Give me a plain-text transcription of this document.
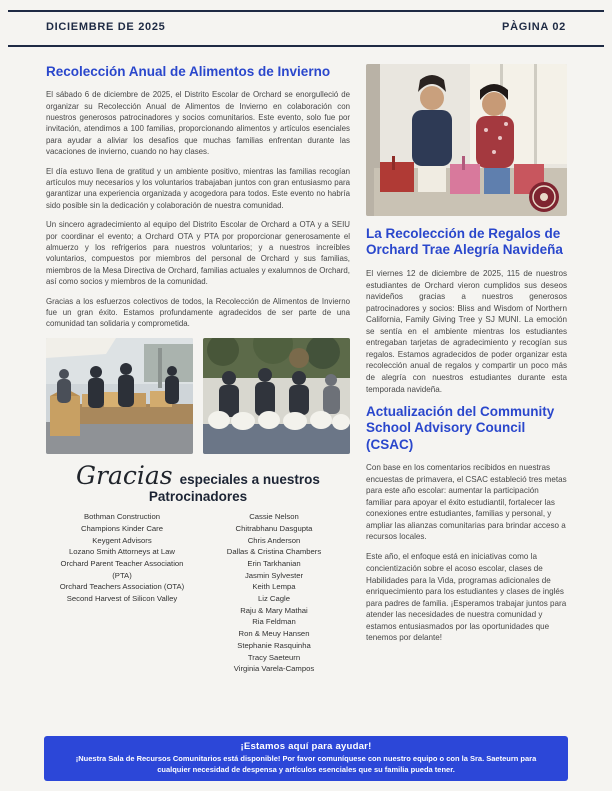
DICIEMBRE DE 2025	PÀGINA 02
Recolección Anual de Alimentos de Invierno
El sábado 6 de diciembre de 2025, el Distrito Escolar de Orchard se enorgulleció de organizar su Recolección Anual de Alimentos de Invierno en colaboración con nuestros generosos patrocinadores y socios comunitarios. Este evento, solo fue por invitación, atendimos a 100 familias, proporcionando alimentos y artículos esenciales para ayudar a aliviar los desafíos que muchas familias enfrentan durante las vacaciones de invierno, cuando no hay clases.
El día estuvo llena de gratitud y un ambiente positivo, mientras las familias recogían artículos muy necesarios y los voluntarios trabajaban juntos con gran entusiasmo para garantizar una experiencia organizada y acogedora para todos. Este evento no habría sido posible sin la dedicación y colaboración de nuestra comunidad.
Un sincero agradecimiento al equipo del Distrito Escolar de Orchard a OTA y a SEIU por coordinar el evento; a Orchard OTA y PTA por proporcionar generosamente el almuerzo y los refrigerios para nuestros voluntarios; y a nuestros increíbles voluntarios, compuestos por miembros del personal de Orchard y sus familias, miembros de la Mesa Directiva de Orchard, familias actuales y exalumnos de Orchard, así como socios y miembros de la comunidad.
Gracias a los esfuerzos colectivos de todos, la Recolección de Alimentos de Invierno fue un gran éxito. Estamos profundamente agradecidos de ser parte de una comunidad tan solidaria y comprometida.
Gracias especiales a nuestros
Patrocinadores
Bothman Construction
Champions Kinder Care
Keygent Advisors
Lozano Smith Attorneys at Law
Orchard Parent Teacher Association (PTA)
Orchard Teachers Association (OTA)
Second Harvest of Silicon Valley
Cassie Nelson
Chitrabhanu Dasgupta
Chris Anderson
Dallas & Cristina Chambers
Erin Tarkhanian
Jasmin Sylvester
Keith Lempa
Liz Cagle
Raju & Mary Mathai
Ria Feldman
Ron & Meuy Hansen
Stephanie Rasquinha
Tracy Saeteurn
Virginia Varela-Campos
La Recolección de Regalos de Orchard Trae Alegría Navideña
El viernes 12 de diciembre de 2025, 115 de nuestros estudiantes de Orchard vieron cumplidos sus deseos navideños gracias a nuestros generosos patrocinadores y socios: Bliss and Wisdom of Northern California, Family Giving Tree y SJ MUNI. La emoción se sentía en el ambiente mientras los estudiantes entregaban tarjetas de agradecimiento y recogían sus regalos. Estamos agradecidos de poder organizar esta recolección anual de regalos y compartir un poco más de alegría con nuestros estudiantes durante esta temporada navideña.
Actualización del Community School Advisory Council (CSAC)
Con base en los comentarios recibidos en nuestras encuestas de primavera, el CSAC estableció tres metas para este año escolar: aumentar la participación familiar para apoyar el éxito estudiantil, fortalecer las conexiones entre estudiantes, familias y personal, y ampliar las alianzas comunitarias para brindar acceso a recursos locales.
Este año, el enfoque está en iniciativas como la concientización sobre el acoso escolar, clases de Habilidades para la Vida, programas adicionales de enriquecimiento para los estudiantes y clases de inglés para padres de familia. ¡Esperamos trabajar juntos para atender las necesidades de nuestra comunidad y estamos entusiasmados por las oportunidades que tenemos por delante!
¡Estamos aquí para ayudar!
¡Nuestra Sala de Recursos Comunitarios está disponible! Por favor comuníquese con nuestro equipo o con la Sra. Saeteurn para cualquier necesidad de despensa y artículos esenciales que su familia pueda tener.
